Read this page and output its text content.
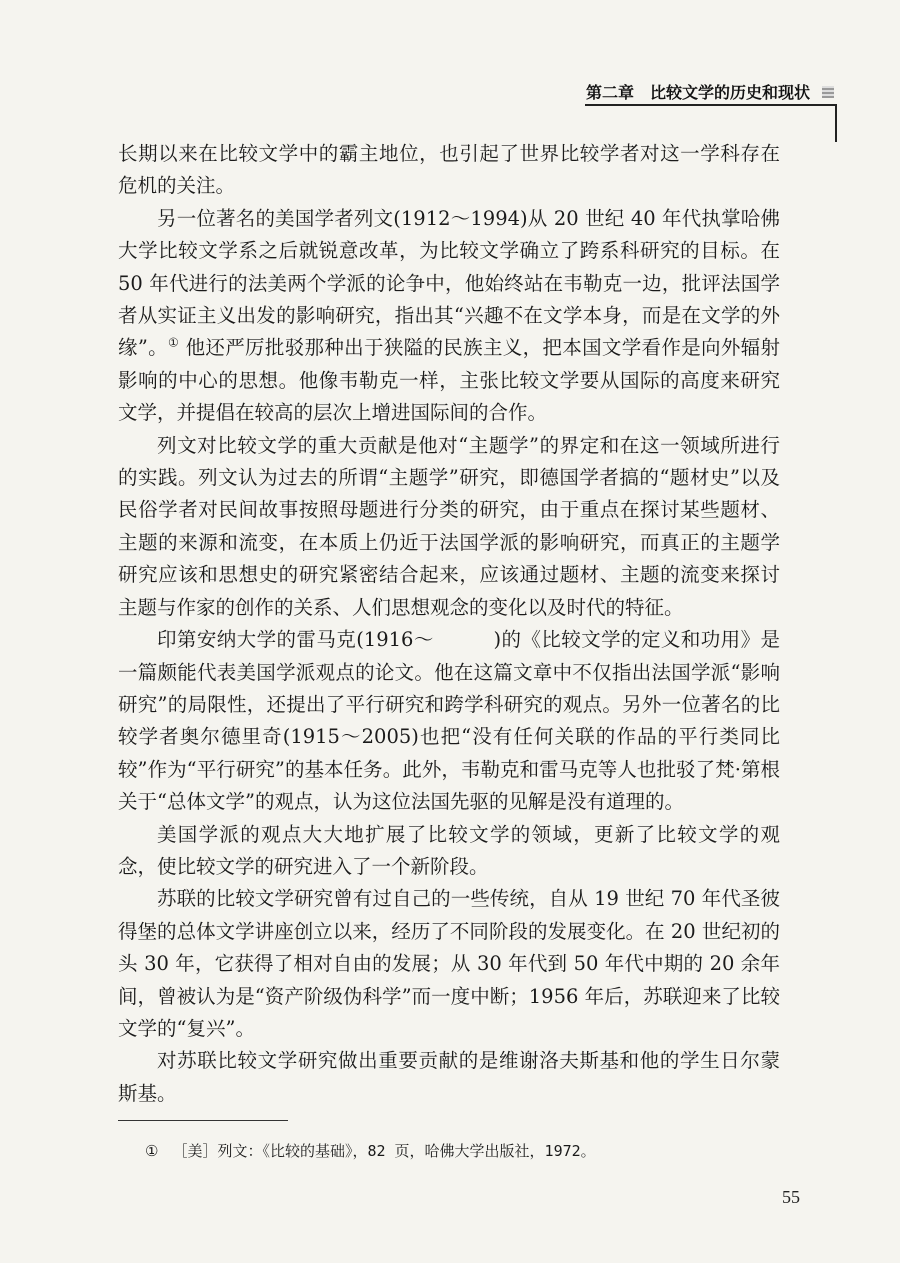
第二章 比较文学的历史和现状

长期以来在比较文学中的霸主地位，也引起了世界比较学者对这一学科存在危机的关注。

另一位著名的美国学者列文(1912～1994)从 20 世纪 40 年代执掌哈佛大学比较文学系之后就锐意改革，为比较文学确立了跨系科研究的目标。在 50 年代进行的法美两个学派的论争中，他始终站在韦勒克一边，批评法国学者从实证主义出发的影响研究，指出其“兴趣不在文学本身，而是在文学的外缘”。① 他还严厉批驳那种出于狭隘的民族主义，把本国文学看作是向外辐射影响的中心的思想。他像韦勒克一样，主张比较文学要从国际的高度来研究文学，并提倡在较高的层次上增进国际间的合作。

列文对比较文学的重大贡献是他对“主题学”的界定和在这一领域所进行的实践。列文认为过去的所谓“主题学”研究，即德国学者搞的“题材史”以及民俗学者对民间故事按照母题进行分类的研究，由于重点在探讨某些题材、主题的来源和流变，在本质上仍近于法国学派的影响研究，而真正的主题学研究应该和思想史的研究紧密结合起来，应该通过题材、主题的流变来探讨主题与作家的创作的关系、人们思想观念的变化以及时代的特征。

印第安纳大学的雷马克(1916～　　　)的《比较文学的定义和功用》是一篇颇能代表美国学派观点的论文。他在这篇文章中不仅指出法国学派“影响研究”的局限性，还提出了平行研究和跨学科研究的观点。另外一位著名的比较学者奥尔德里奇(1915～2005)也把“没有任何关联的作品的平行类同比较”作为“平行研究”的基本任务。此外，韦勒克和雷马克等人也批驳了梵·第根关于“总体文学”的观点，认为这位法国先驱的见解是没有道理的。

美国学派的观点大大地扩展了比较文学的领域，更新了比较文学的观念，使比较文学的研究进入了一个新阶段。

苏联的比较文学研究曾有过自己的一些传统，自从 19 世纪 70 年代圣彼得堡的总体文学讲座创立以来，经历了不同阶段的发展变化。在 20 世纪初的头 30 年，它获得了相对自由的发展；从 30 年代到 50 年代中期的 20 余年间，曾被认为是“资产阶级伪科学”而一度中断；1956 年后，苏联迎来了比较文学的“复兴”。

对苏联比较文学研究做出重要贡献的是维谢洛夫斯基和他的学生日尔蒙斯基。

① ［美］列文：《比较的基础》，82 页，哈佛大学出版社，1972。
55
